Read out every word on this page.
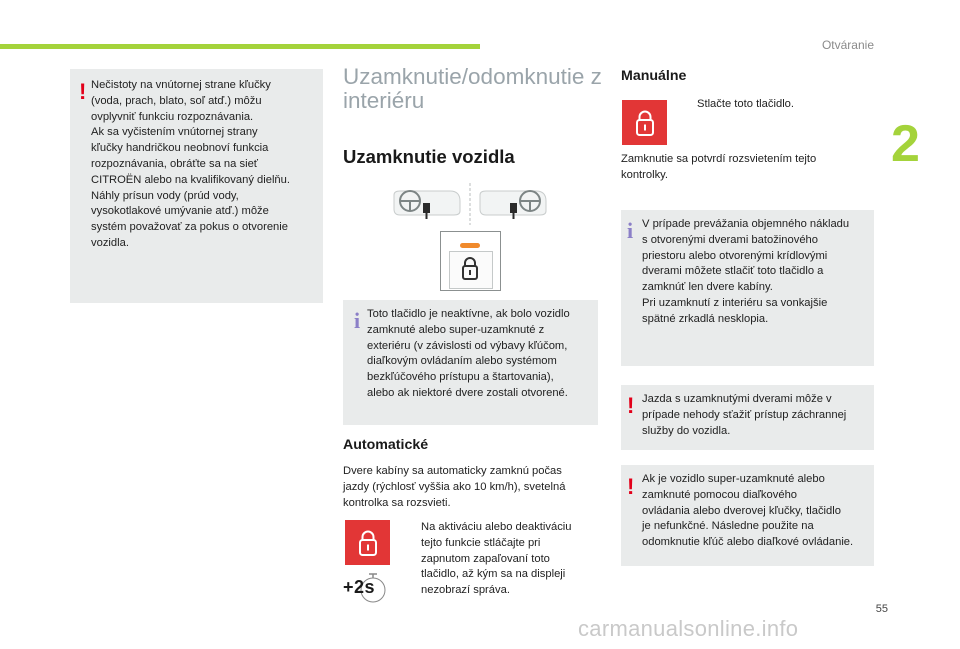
Otváranie
2
! Nečistoty na vnútornej strane kľučky
(voda, prach, blato, soľ atď.) môžu
ovplyvniť funkciu rozpoznávania.
Ak sa vyčistením vnútornej strany
kľučky handričkou neobnoví funkcia
rozpoznávania, obráťte sa na sieť
CITROËN alebo na kvalifikovaný dielňu.
Náhly prísun vody (prúd vody,
vysokotlakové umývanie atď.) môže
systém považovať za pokus o otvorenie
vozidla.
Uzamknutie/odomknutie z
interiéru
Uzamknutie vozidla
i Toto tlačidlo je neaktívne, ak bolo vozidlo
zamknuté alebo super-uzamknuté z
exteriéru (v závislosti od výbavy kľúčom,
diaľkovým ovládaním alebo systémom
bezkľúčového prístupu a štartovania),
alebo ak niektoré dvere zostali otvorené.
Automatické
Dvere kabíny sa automaticky zamknú počas
jazdy (rýchlosť vyššia ako 10 km/h), svetelná
kontrolka sa rozsvieti.
+2s
Na aktiváciu alebo deaktiváciu
tejto funkcie stláčajte pri
zapnutom zapaľovaní toto
tlačidlo, až kým sa na displeji
nezobrazí správa.
Manuálne
Stlačte toto tlačidlo.
Zamknutie sa potvrdí rozsvietením tejto
kontrolky.
i V prípade prevážania objemného nákladu
s otvorenými dverami batožinového
priestoru alebo otvorenými krídlovými
dverami môžete stlačiť toto tlačidlo a
zamknúť len dvere kabíny.
Pri uzamknutí z interiéru sa vonkajšie
spätné zrkadlá nesklopia.
! Jazda s uzamknutými dverami môže v
prípade nehody sťažiť prístup záchrannej
služby do vozidla.
! Ak je vozidlo super-uzamknuté alebo
zamknuté pomocou diaľkového
ovládania alebo dverovej kľučky, tlačidlo
je nefunkčné. Následne použite na
odomknutie kľúč alebo diaľkové ovládanie.
55
carmanualsonline.info
